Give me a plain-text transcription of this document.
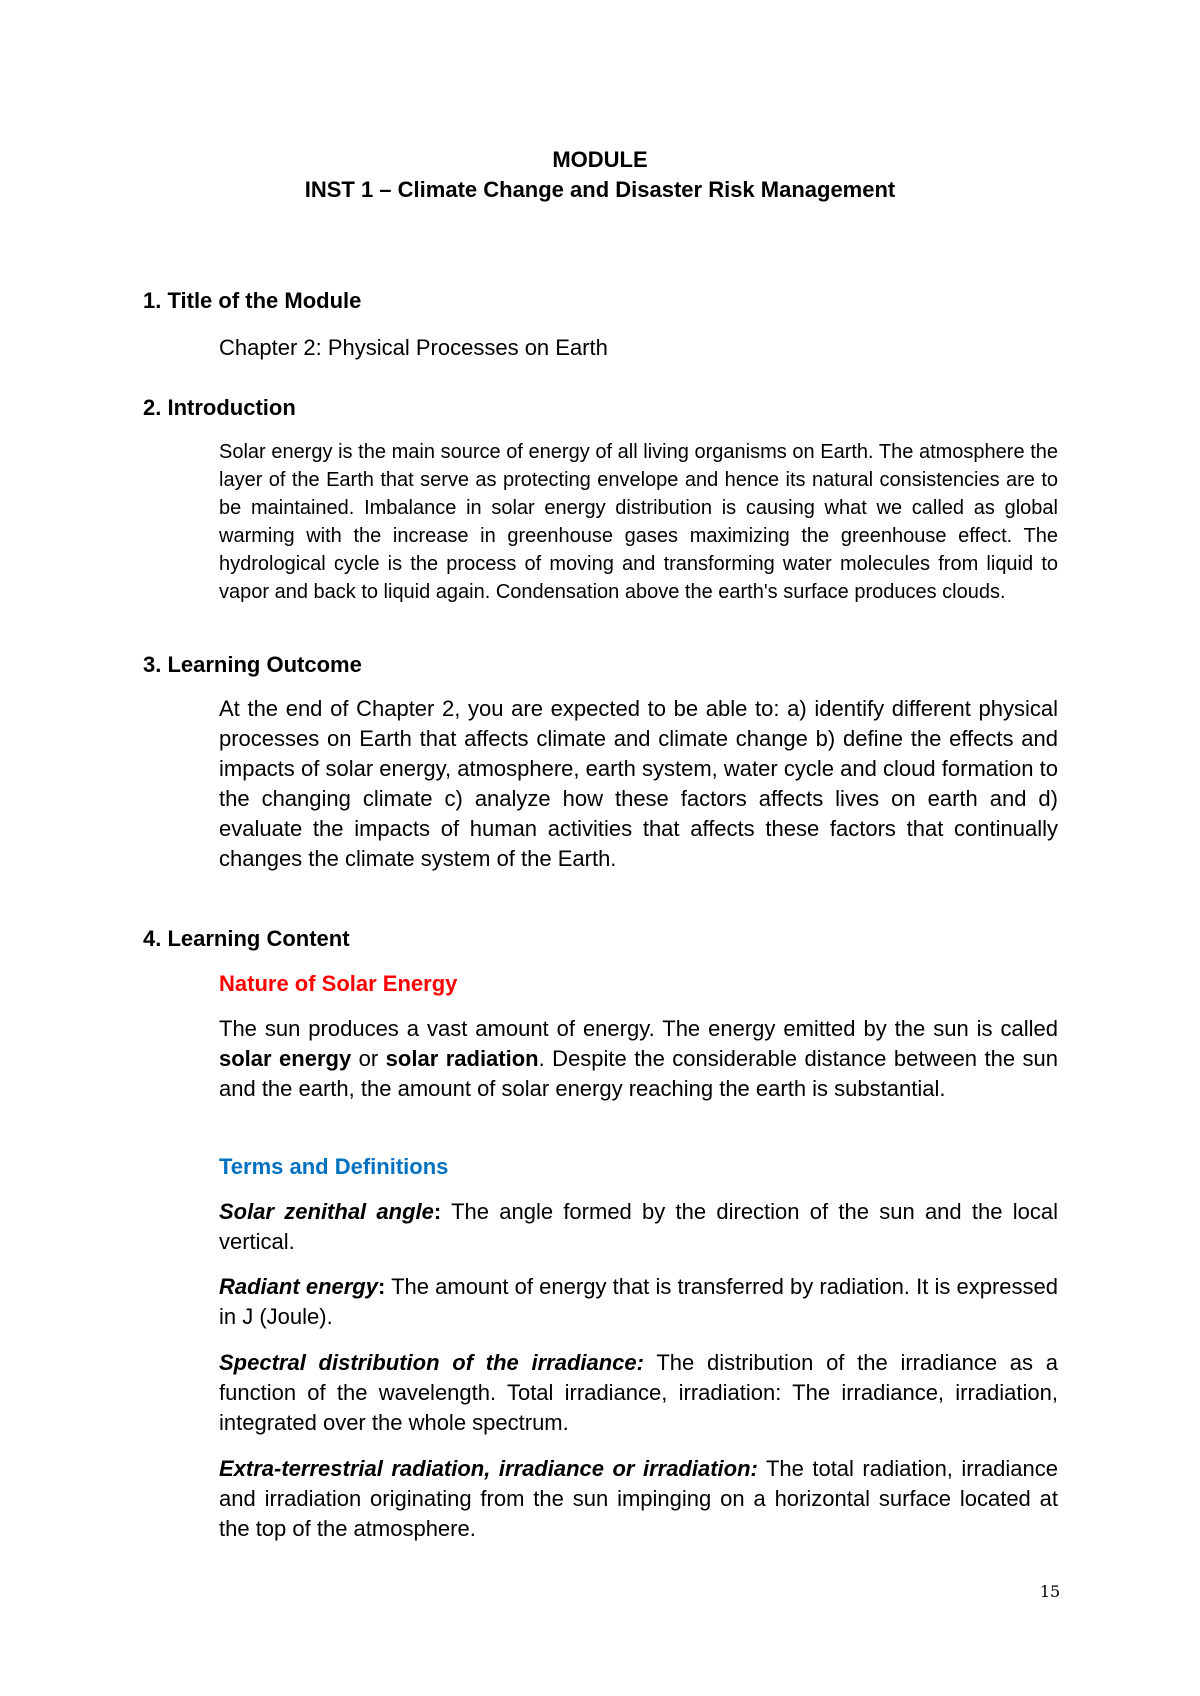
MODULE
INST 1 – Climate Change and Disaster Risk Management
1. Title of the Module
Chapter 2: Physical Processes on Earth
2. Introduction
Solar energy is the main source of energy of all living organisms on Earth. The atmosphere the layer of the Earth that serve as protecting envelope and hence its natural consistencies are to be maintained. Imbalance in solar energy distribution is causing what we called as global warming with the increase in greenhouse gases maximizing the greenhouse effect. The hydrological cycle is the process of moving and transforming water molecules from liquid to vapor and back to liquid again. Condensation above the earth's surface produces clouds.
3. Learning Outcome
At the end of Chapter 2, you are expected to be able to: a) identify different physical processes on Earth that affects climate and climate change b) define the effects and impacts of solar energy, atmosphere, earth system, water cycle and cloud formation to the changing climate c) analyze how these factors affects lives on earth and d) evaluate the impacts of human activities that affects these factors that continually changes the climate system of the Earth.
4. Learning Content
Nature of Solar Energy
The sun produces a vast amount of energy. The energy emitted by the sun is called solar energy or solar radiation. Despite the considerable distance between the sun and the earth, the amount of solar energy reaching the earth is substantial.
Terms and Definitions
Solar zenithal angle: The angle formed by the direction of the sun and the local vertical.
Radiant energy: The amount of energy that is transferred by radiation. It is expressed in J (Joule).
Spectral distribution of the irradiance: The distribution of the irradiance as a function of the wavelength. Total irradiance, irradiation: The irradiance, irradiation, integrated over the whole spectrum.
Extra-terrestrial radiation, irradiance or irradiation: The total radiation, irradiance and irradiation originating from the sun impinging on a horizontal surface located at the top of the atmosphere.
15
